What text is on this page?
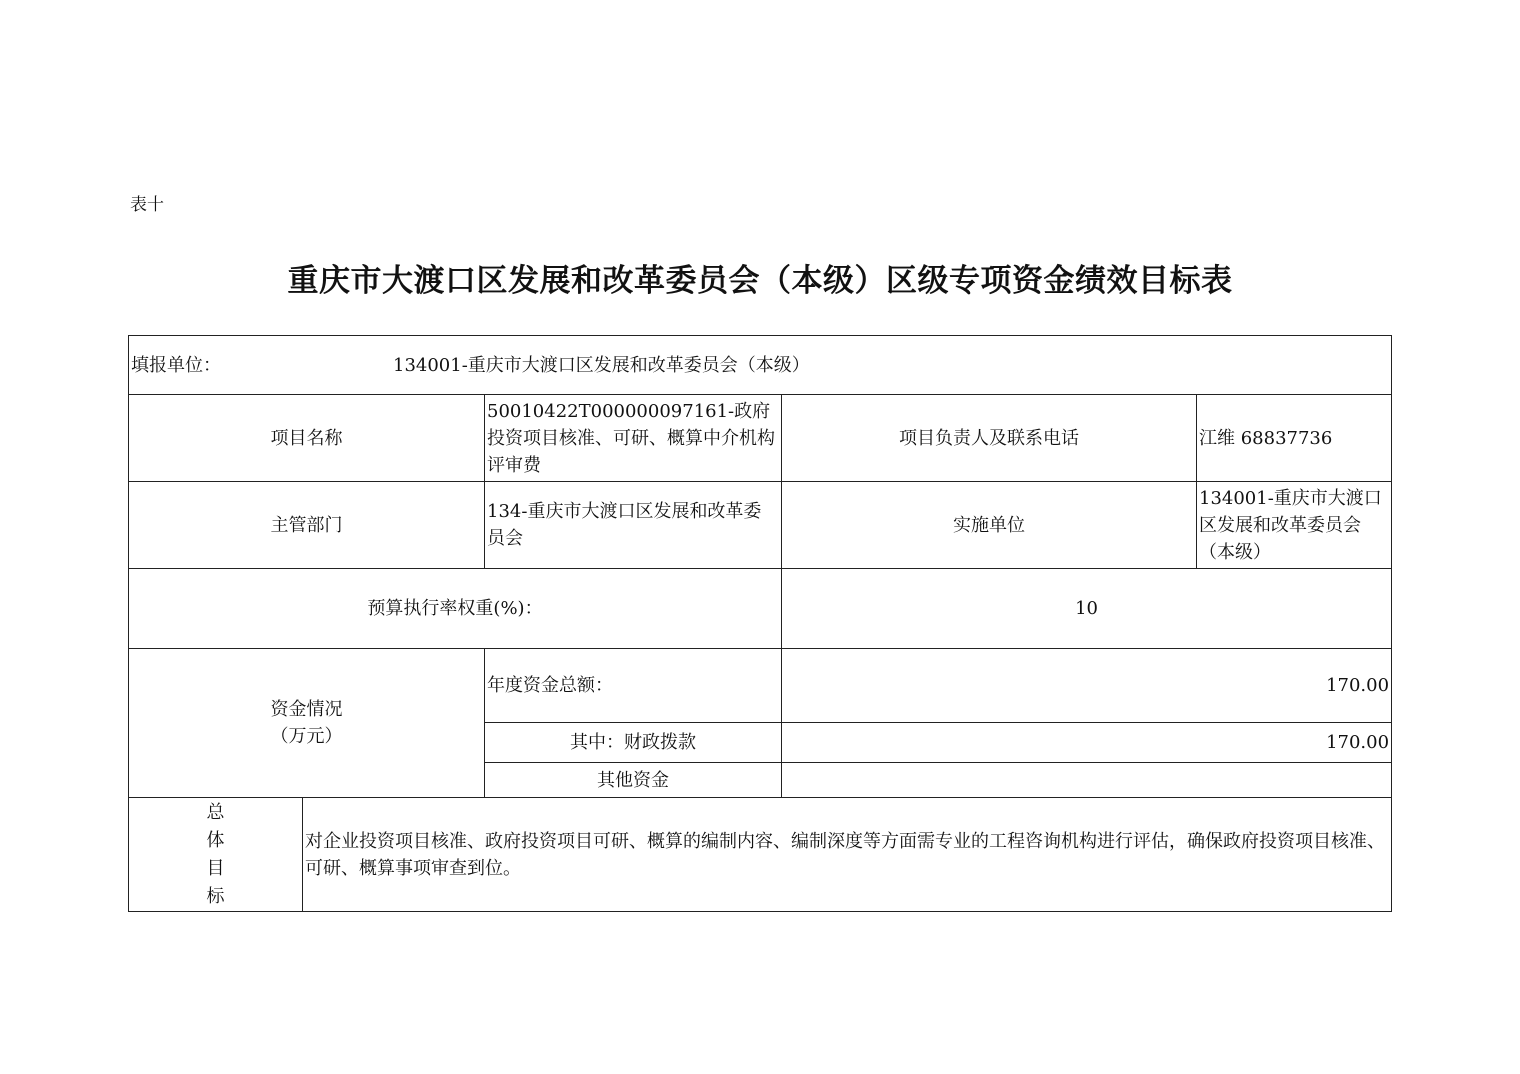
表十
重庆市大渡口区发展和改革委员会（本级）区级专项资金绩效目标表
填报单位： 134001-重庆市大渡口区发展和改革委员会（本级）				
项目名称		50010422T000000097161-政府投资项目核准、可研、概算中介机构评审费	项目负责人及联系电话	江维 68837736
主管部门		134-重庆市大渡口区发展和改革委员会	实施单位	134001-重庆市大渡口区发展和改革委员会（本级）
预算执行率权重(%)：			10	

资金情况
（万元）		年度资金总额：	170.00	
		其中：财政拨款	170.00	
		其他资金		

总
体
目
标	对企业投资项目核准、政府投资项目可研、概算的编制内容、编制深度等方面需专业的工程咨询机构进行评估，确保政府投资项目核准、可研、概算事项审查到位。			
